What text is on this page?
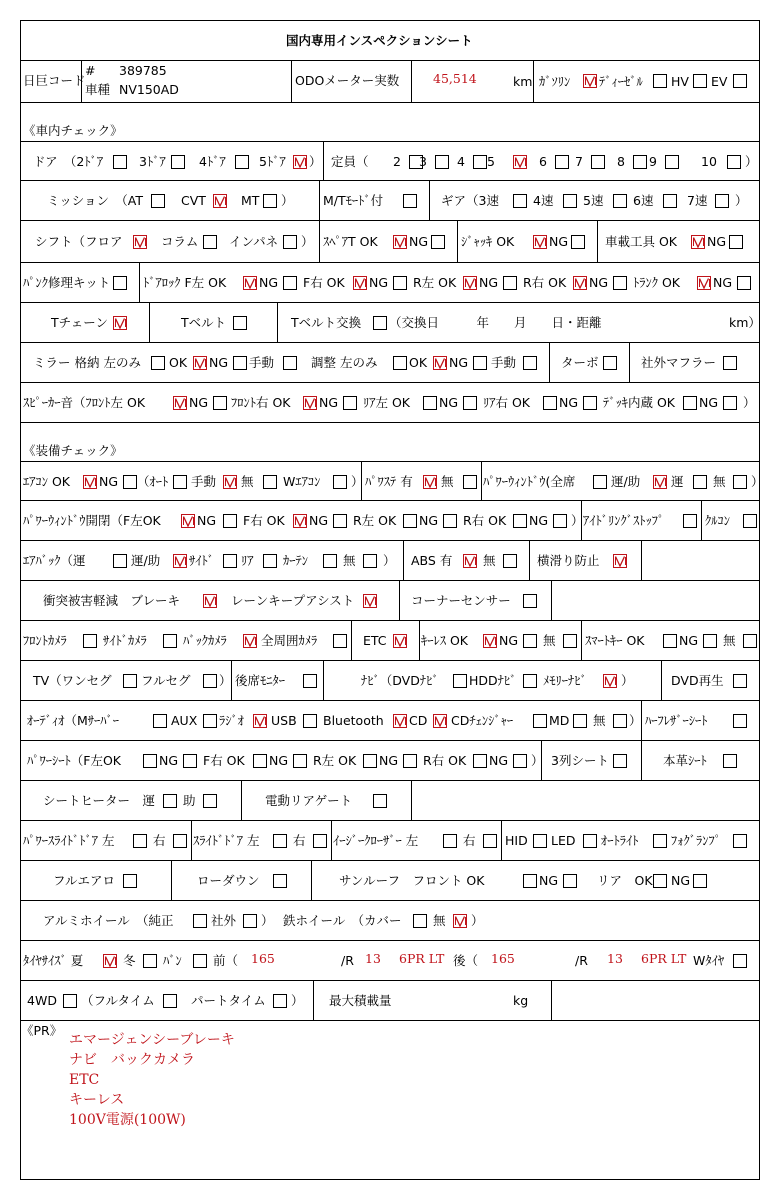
国内専用インスペクションシート
日巨コード
# 389785
車種 NV150AD
ODOメーター実数	45,514	km ｶﾞｿﾘﾝ ﾃﾞｨｰｾﾞﾙ HV EV
《車内チェック》
ドア　（2ﾄﾞｱ	3ﾄﾞｱ	4ﾄﾞｱ	5ﾄﾞｱ ） 定員（ 2 3 4 5	6 7	8 9	10 ）
ミッション　（AT	CVT	MT ） M/Tﾓｰﾄﾞ付	ギア（3速	4速 5速 6速	7速 ）
シフト（フロア	コラム インパネ ） ｽﾍﾟｱT OK	NG	ｼﾞｬｯｷ OK	NG	車載工具 OK NG
ﾊﾟﾝｸ修理キット	ﾄﾞｱﾛｯｸ F左 OK	NG F右 OK NG R左 OK NG R右 OK NG ﾄﾗﾝｸ OK	NG
Tチェーン	Tベルト	Tベルト交換 （交換日　　　年　　月　　日・距離	km）
ミラー 格納 左のみ OK NG 手動	調整 左のみ	OK NG 手動	ターボ	社外マフラー
ｽﾋﾟｰｶｰ音（ﾌﾛﾝﾄ左 OK	NG ﾌﾛﾝﾄ右 OK NG ﾘｱ左 OK NG ﾘｱ右 OK NG ﾃﾞｯｷ内蔵 OK NG ）
《装備チェック》
ｴｱｺﾝ OK NG （ｵｰﾄ 手動 無 Wｴｱｺﾝ ） ﾊﾟﾜｽﾃ 有 無 ﾊﾟﾜｰｳｨﾝﾄﾞｳ(全席	運/助 運 無 ）
ﾊﾟﾜｰｳｨﾝﾄﾞｳ開閉（F左OK	NG F右 OK NG R左 OK NG R右 OK NG ） ｱｲﾄﾞﾘﾝｸﾞｽﾄｯﾌﾟ	ｸﾙｺﾝ
ｴｱﾊﾞｯｸ（運	運/助 ｻｲﾄﾞ ﾘｱ ｶｰﾃﾝ	無 ） ABS 有 無	横滑り防止
衝突被害軽減　ブレーキ	レーンキープアシスト	コーナーセンサー
ﾌﾛﾝﾄｶﾒﾗ	ｻｲﾄﾞｶﾒﾗ	ﾊﾞｯｸｶﾒﾗ	全周囲ｶﾒﾗ	ETC	ｷｰﾚｽ OK NG 無 ｽﾏｰﾄｷｰ OK	NG 無
TV（ワンセグ フルセグ ） 後席ﾓﾆﾀｰ	ﾅﾋﾞ（DVDﾅﾋﾞ HDDﾅﾋﾞ ﾒﾓﾘｰﾅﾋﾞ	）	DVD再生
ｵｰﾃﾞｨｵ（Mｻｰﾊﾞｰ	AUX ﾗｼﾞｵ USB Bluetooth CD CDﾁｪﾝｼﾞｬｰ	MD 無 ） ﾊｰﾌﾚｻﾞｰｼｰﾄ
ﾊﾟﾜｰｼｰﾄ（F左OK	NG F右 OK NG R左 OK NG R右 OK NG ） 3列シート	本革ｼｰﾄ
シートヒーター　運 助	電動リアゲート
ﾊﾟﾜｰｽﾗｲﾄﾞﾄﾞｱ 左	右 ｽﾗｲﾄﾞﾄﾞｱ 左	右 ｲｰｼﾞｰｸﾛｰｻﾞｰ 左	右 HID LED ｵｰﾄﾗｲﾄ	ﾌｫｸﾞﾗﾝﾌﾟ
フルエアロ	ローダウン	サンルーフ　フロント OK	NG	リア　OK NG
アルミホイール　（純正	社外 ） 鉄ホイール　（カバー	無 ）
ﾀｲﾔｻｲｽﾞ 夏	冬 ﾊﾞﾝ 前（ 165	/R 13 6PR LT 後（ 165	/R 13 6PR LT Wﾀｲﾔ
4WD （フルタイム	パートタイム ） 最大積載量	kg
《PR》
エマージェンシーブレーキ
ナビ　バックカメラ
ETC
キーレス
100V電源(100W)
